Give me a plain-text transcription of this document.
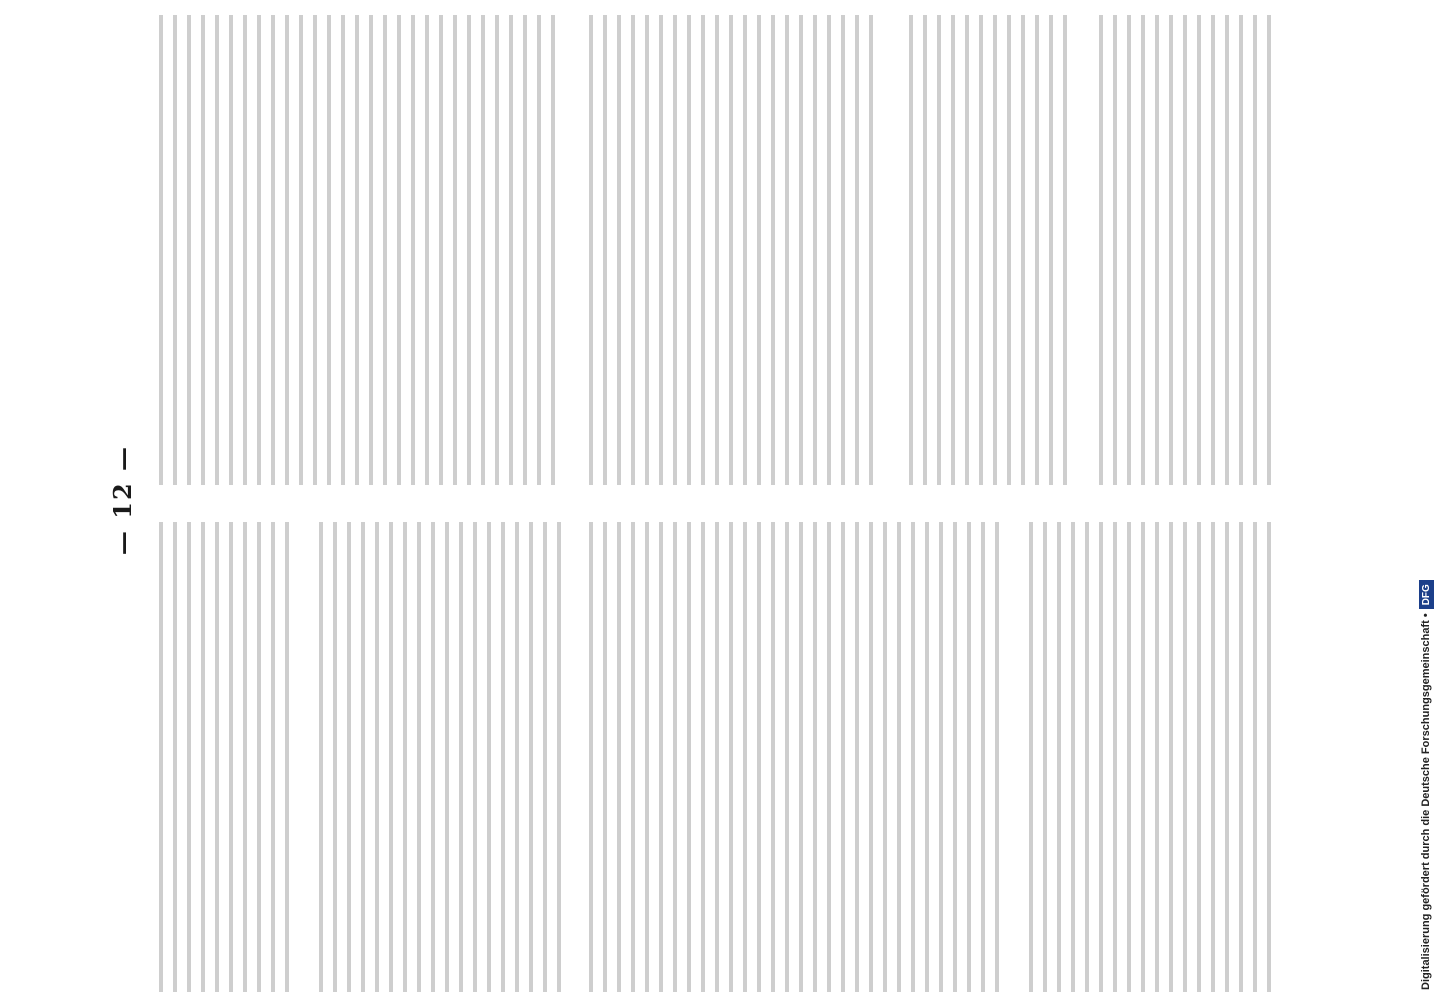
— 12 —
Digitalisierung gefördert durch die Deutsche Forschungsgemeinschaft •DFG
